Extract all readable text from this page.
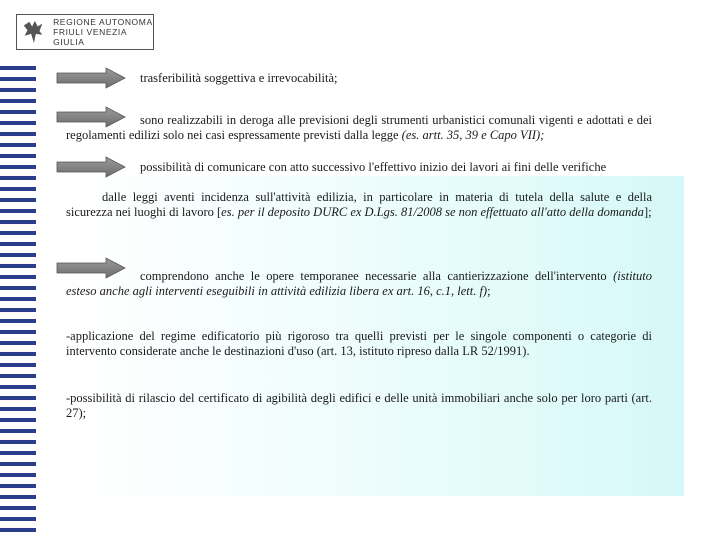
REGIONE AUTONOMA
FRIULI VENEZIA GIULIA
trasferibilità soggettiva e irrevocabilità;
sono realizzabili in deroga alle previsioni degli strumenti urbanistici comunali vigenti e adottati e dei regolamenti edilizi solo nei casi espressamente previsti dalla legge (es. artt. 35, 39 e Capo VII);
possibilità di comunicare con atto successivo l'effettivo inizio dei lavori ai fini delle verifiche
dalle leggi aventi incidenza sull'attività edilizia, in particolare in materia di tutela della salute e della sicurezza nei luoghi di lavoro [es. per il deposito DURC ex D.Lgs. 81/2008 se non effettuato all'atto della domanda];
comprendono anche le opere temporanee necessarie alla cantierizzazione dell'intervento (istituto esteso anche agli interventi eseguibili in attività edilizia libera ex art. 16, c.1, lett. f);
-applicazione del regime edificatorio più rigoroso tra quelli previsti per le singole componenti o categorie di intervento considerate anche le destinazioni d'uso (art. 13, istituto ripreso dalla LR 52/1991).
-possibilità di rilascio del certificato di agibilità degli edifici e delle unità immobiliari anche solo per loro parti (art. 27);
